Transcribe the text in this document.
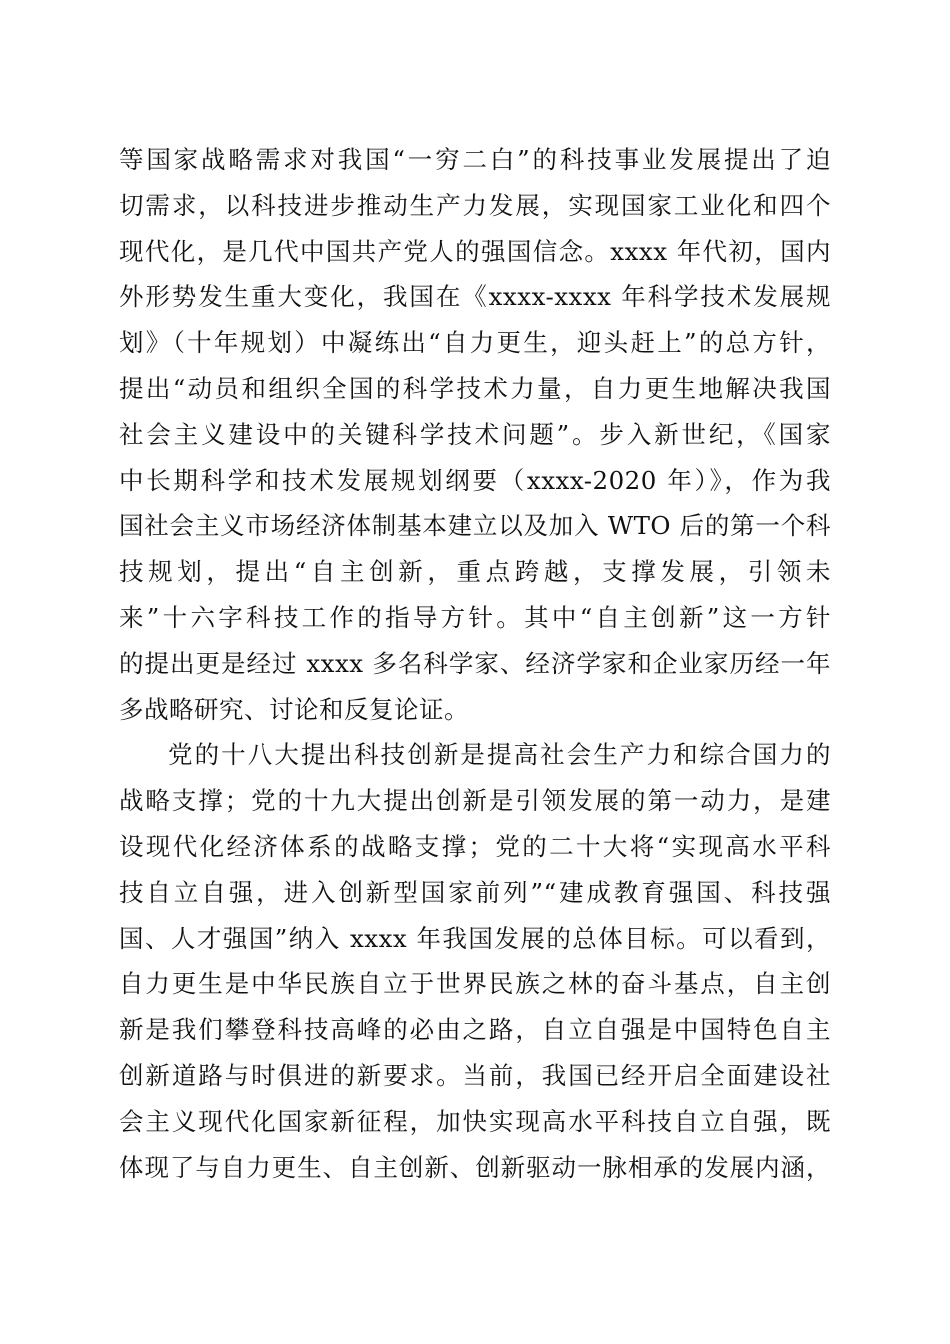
等国家战略需求对我国“一穷二白”的科技事业发展提出了迫
切需求，以科技进步推动生产力发展，实现国家工业化和四个
现代化，是几代中国共产党人的强国信念。xxxx 年代初，国内
外形势发生重大变化，我国在《xxxx-xxxx 年科学技术发展规
划》（十年规划）中凝练出“自力更生，迎头赶上”的总方针，
提出“动员和组织全国的科学技术力量，自力更生地解决我国
社会主义建设中的关键科学技术问题”。步入新世纪，《国家
中长期科学和技术发展规划纲要（xxxx-2020 年）》，作为我
国社会主义市场经济体制基本建立以及加入 WTO 后的第一个科
技规划，提出“自主创新，重点跨越，支撑发展，引领未
来”十六字科技工作的指导方针。其中“自主创新”这一方针
的提出更是经过 xxxx 多名科学家、经济学家和企业家历经一年
多战略研究、讨论和反复论证。
党的十八大提出科技创新是提高社会生产力和综合国力的
战略支撑；党的十九大提出创新是引领发展的第一动力，是建
设现代化经济体系的战略支撑；党的二十大将“实现高水平科
技自立自强，进入创新型国家前列”“建成教育强国、科技强
国、人才强国”纳入 xxxx 年我国发展的总体目标。可以看到，
自力更生是中华民族自立于世界民族之林的奋斗基点，自主创
新是我们攀登科技高峰的必由之路，自立自强是中国特色自主
创新道路与时俱进的新要求。当前，我国已经开启全面建设社
会主义现代化国家新征程，加快实现高水平科技自立自强，既
体现了与自力更生、自主创新、创新驱动一脉相承的发展内涵，
